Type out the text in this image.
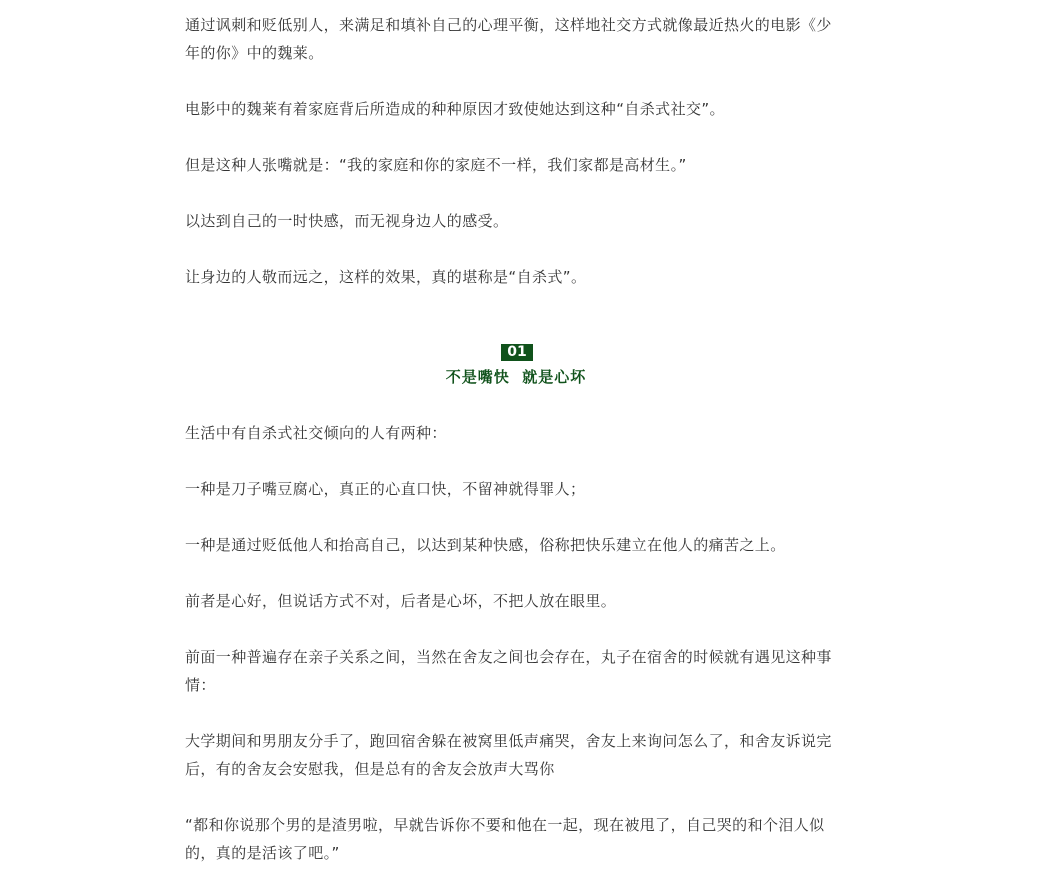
通过讽刺和贬低别人，来满足和填补自己的心理平衡，这样地社交方式就像最近热火的电影《少年的你》中的魏莱。

电影中的魏莱有着家庭背后所造成的种种原因才致使她达到这种“自杀式社交”。

但是这种人张嘴就是：“我的家庭和你的家庭不一样，我们家都是高材生。”

以达到自己的一时快感，而无视身边人的感受。

让身边的人敬而远之，这样的效果，真的堪称是“自杀式”。

01
不是嘴快  就是心坏

生活中有自杀式社交倾向的人有两种：

一种是刀子嘴豆腐心，真正的心直口快，不留神就得罪人；

一种是通过贬低他人和抬高自己，以达到某种快感，俗称把快乐建立在他人的痛苦之上。

前者是心好，但说话方式不对，后者是心坏，不把人放在眼里。

前面一种普遍存在亲子关系之间，当然在舍友之间也会存在，丸子在宿舍的时候就有遇见这种事情：

大学期间和男朋友分手了，跑回宿舍躲在被窝里低声痛哭，舍友上来询问怎么了，和舍友诉说完后，有的舍友会安慰我，但是总有的舍友会放声大骂你

“都和你说那个男的是渣男啦，早就告诉你不要和他在一起，现在被甩了，自己哭的和个泪人似的，真的是活该了吧。”
